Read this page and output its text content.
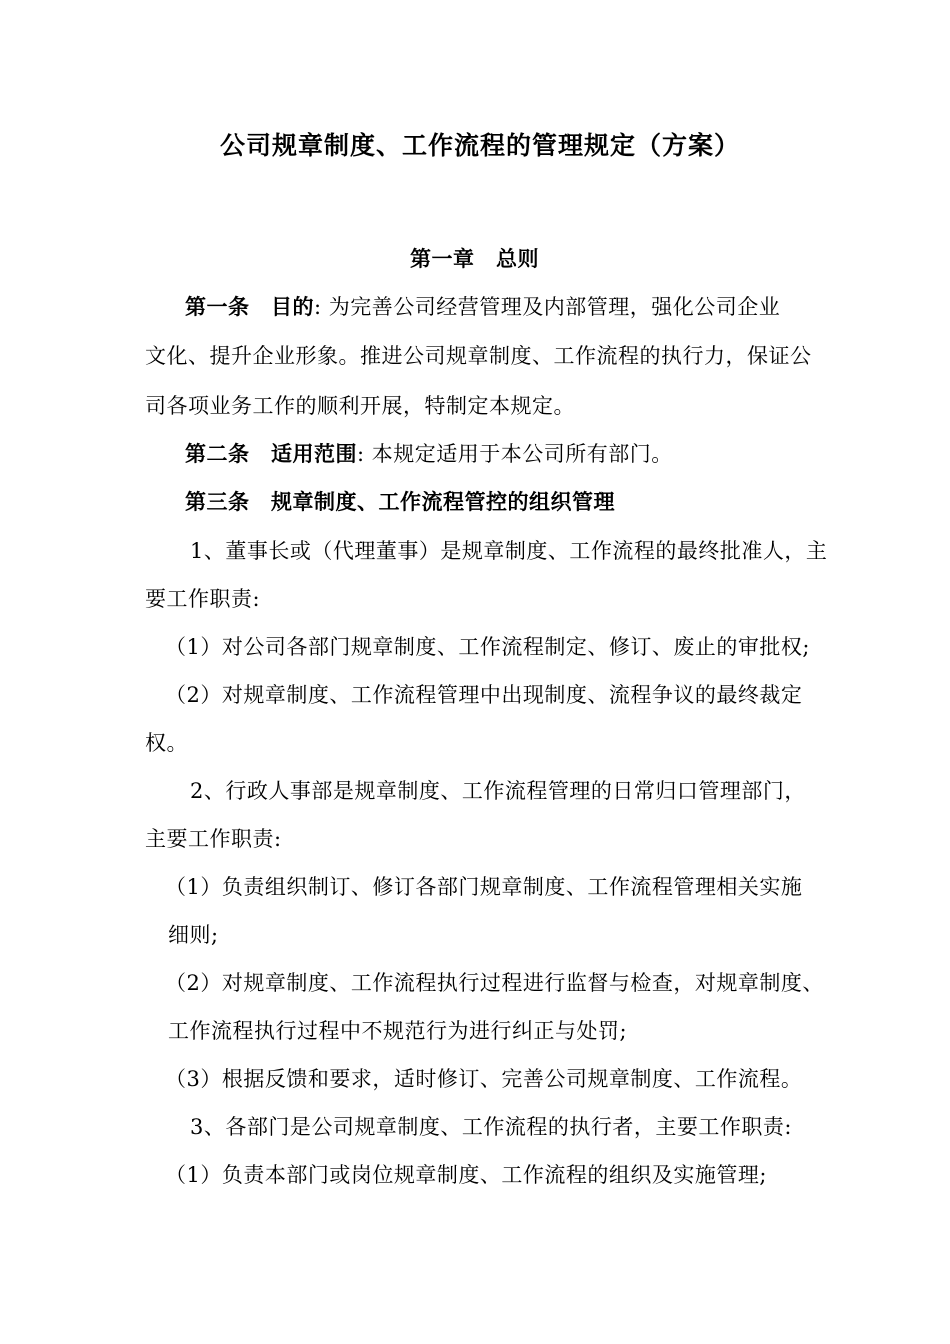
公司规章制度、工作流程的管理规定（方案）
第一章　总则
第一条　目的: 为完善公司经营管理及内部管理，强化公司企业
文化、提升企业形象。推进公司规章制度、工作流程的执行力，保证公
司各项业务工作的顺利开展，特制定本规定。
第二条　适用范围: 本规定适用于本公司所有部门。
第三条　规章制度、工作流程管控的组织管理
1、董事长或（代理董事）是规章制度、工作流程的最终批准人，主
要工作职责:
（1）对公司各部门规章制度、工作流程制定、修订、废止的审批权;
（2）对规章制度、工作流程管理中出现制度、流程争议的最终裁定
权。
2、行政人事部是规章制度、工作流程管理的日常归口管理部门，
主要工作职责:
（1）负责组织制订、修订各部门规章制度、工作流程管理相关实施
细则;
（2）对规章制度、工作流程执行过程进行监督与检查，对规章制度、
工作流程执行过程中不规范行为进行纠正与处罚;
（3）根据反馈和要求，适时修订、完善公司规章制度、工作流程。
3、各部门是公司规章制度、工作流程的执行者，主要工作职责:
（1）负责本部门或岗位规章制度、工作流程的组织及实施管理;
